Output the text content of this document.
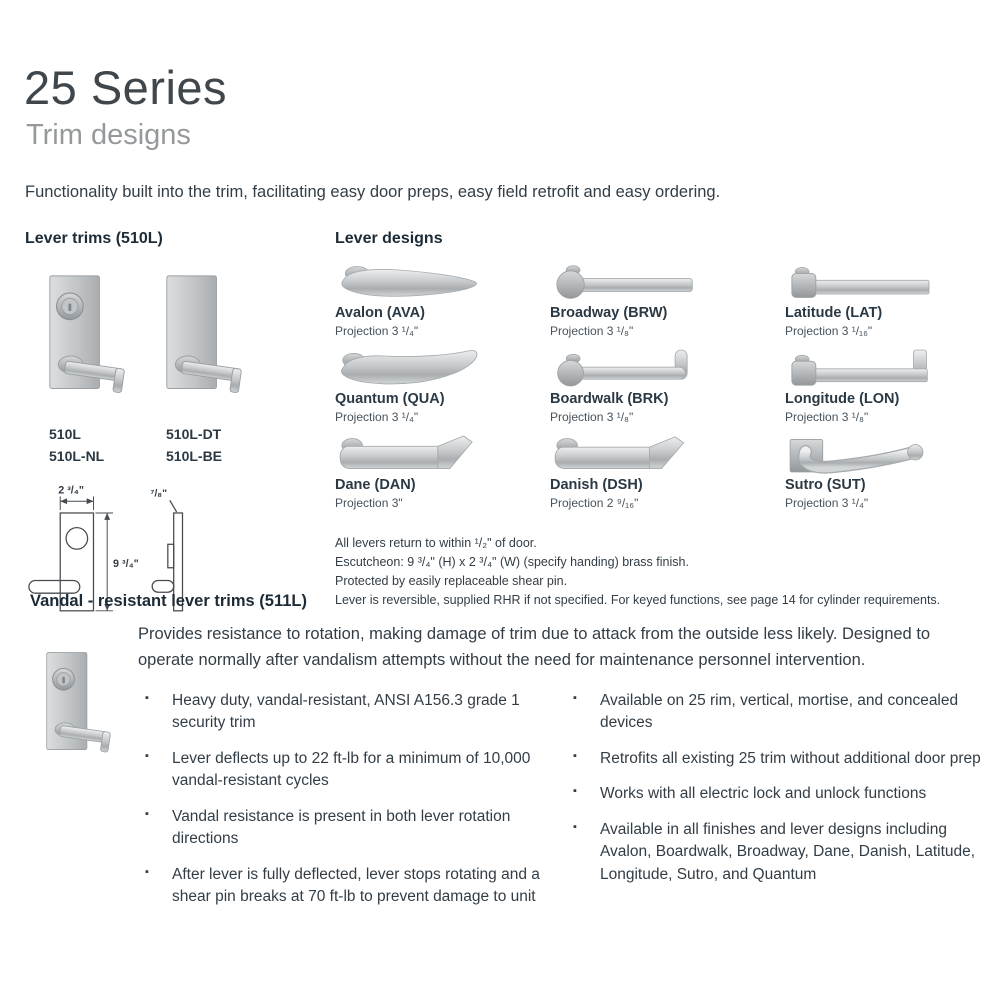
25 Series
Trim designs
Functionality built into the trim, facilitating easy door preps, easy field retrofit and easy ordering.
Lever trims (510L)
510L
510L-NL
510L-DT
510L-BE
2 ³/₄"
9 ³/₄"
⁷/₈"
Lever designs
Avalon (AVA)
Projection 3 ¹/₄"
Broadway (BRW)
Projection 3 ¹/₈"
Latitude (LAT)
Projection 3 ¹/₁₆"
Quantum (QUA)
Projection 3 ¹/₄"
Boardwalk (BRK)
Projection 3 ¹/₈"
Longitude (LON)
Projection 3 ¹/₈"
Dane (DAN)
Projection 3"
Danish (DSH)
Projection 2 ⁹/₁₆"
Sutro (SUT)
Projection 3 ¹/₄"
All levers return to within ¹/₂" of door.
Escutcheon: 9 ³/₄" (H) x 2 ³/₄" (W) (specify handing) brass finish.
Protected by easily replaceable shear pin.
Lever is reversible, supplied RHR if not specified. For keyed functions, see page 14 for cylinder requirements.
Vandal - resistant lever trims (511L)
Provides resistance to rotation, making damage of trim due to attack from the outside less likely. Designed to operate normally after vandalism attempts without the need for maintenance personnel intervention.
▪ Heavy duty, vandal-resistant, ANSI A156.3 grade 1 security trim
▪ Lever deflects up to 22 ft-lb for a minimum of 10,000 vandal-resistant cycles
▪ Vandal resistance is present in both lever rotation directions
▪ After lever is fully deflected, lever stops rotating and a shear pin breaks at 70 ft-lb to prevent damage to unit
▪ Available on 25 rim, vertical, mortise, and concealed devices
▪ Retrofits all existing 25 trim without additional door prep
▪ Works with all electric lock and unlock functions
▪ Available in all finishes and lever designs including Avalon, Boardwalk, Broadway, Dane, Danish, Latitude, Longitude, Sutro, and Quantum
